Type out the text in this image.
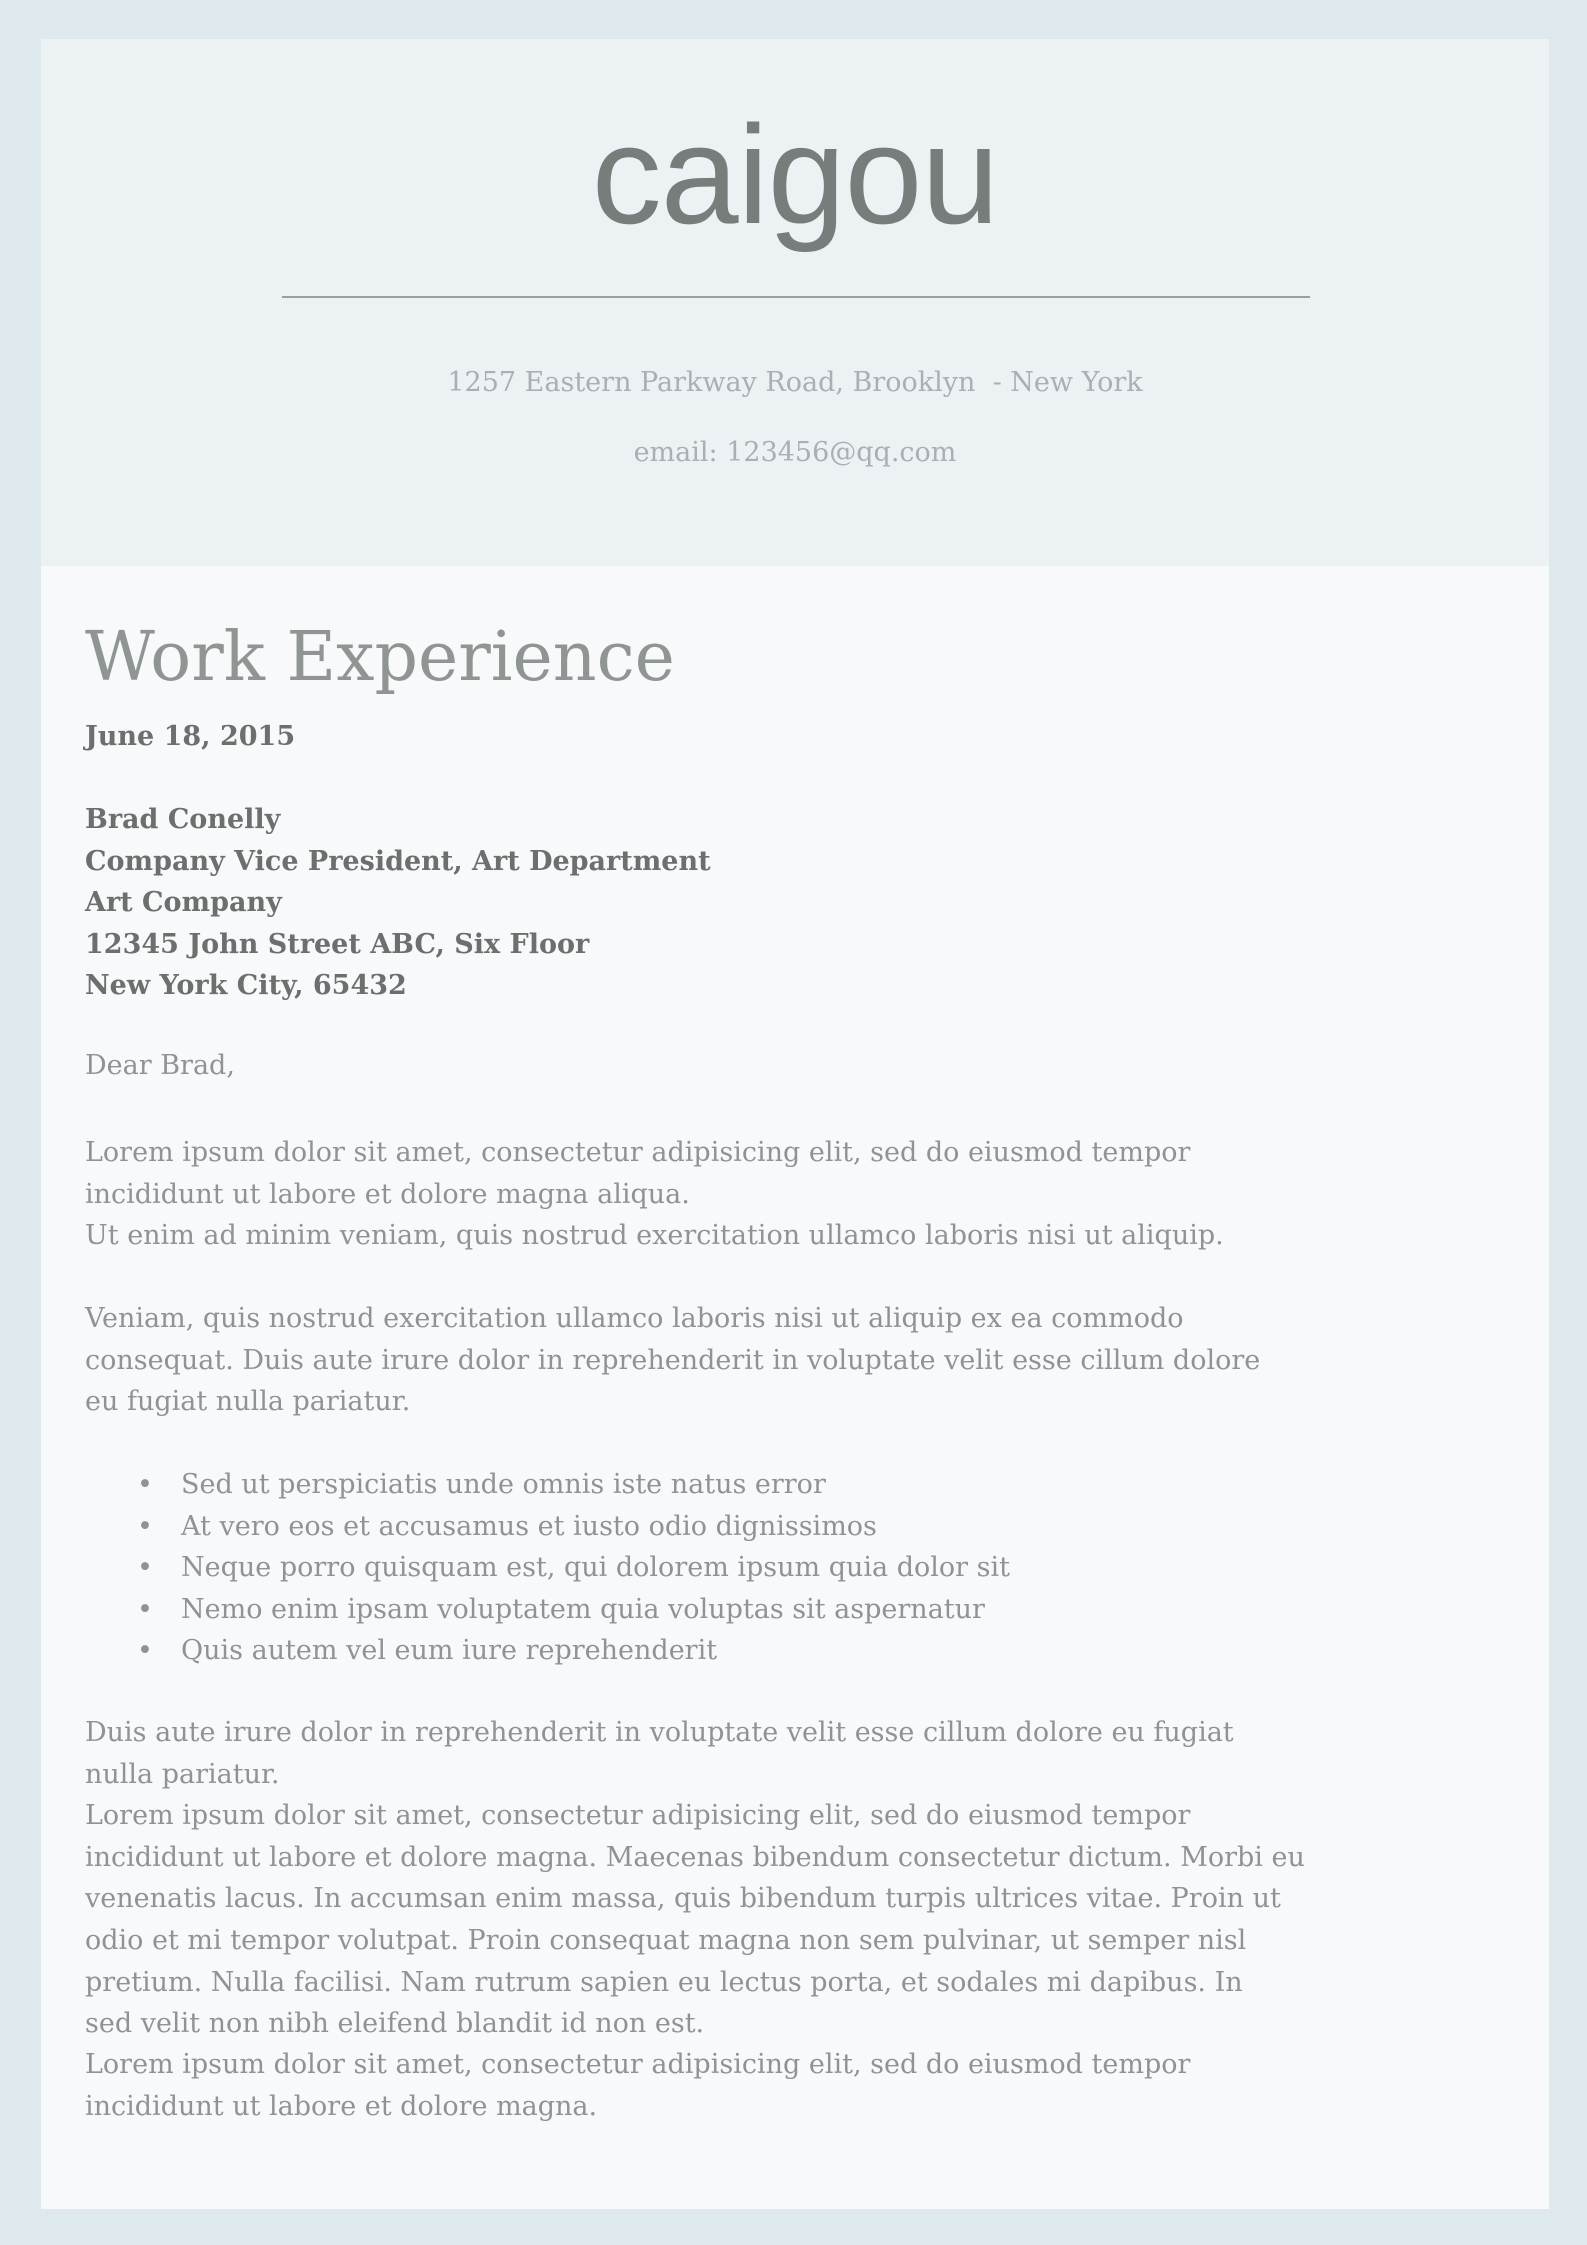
caigou
1257 Eastern Parkway Road, Brooklyn  - New York
email: 123456@qq.com
Work Experience
June 18, 2015
Brad Conelly
Company Vice President, Art Department
Art Company
12345 John Street ABC, Six Floor
New York City, 65432
Dear Brad,
Lorem ipsum dolor sit amet, consectetur adipisicing elit, sed do eiusmod tempor
incididunt ut labore et dolore magna aliqua.
Ut enim ad minim veniam, quis nostrud exercitation ullamco laboris nisi ut aliquip.
Veniam, quis nostrud exercitation ullamco laboris nisi ut aliquip ex ea commodo
consequat. Duis aute irure dolor in reprehenderit in voluptate velit esse cillum dolore
eu fugiat nulla pariatur.
• Sed ut perspiciatis unde omnis iste natus error
• At vero eos et accusamus et iusto odio dignissimos
• Neque porro quisquam est, qui dolorem ipsum quia dolor sit
• Nemo enim ipsam voluptatem quia voluptas sit aspernatur
• Quis autem vel eum iure reprehenderit
Duis aute irure dolor in reprehenderit in voluptate velit esse cillum dolore eu fugiat
nulla pariatur.
Lorem ipsum dolor sit amet, consectetur adipisicing elit, sed do eiusmod tempor
incididunt ut labore et dolore magna. Maecenas bibendum consectetur dictum. Morbi eu
venenatis lacus. In accumsan enim massa, quis bibendum turpis ultrices vitae. Proin ut
odio et mi tempor volutpat. Proin consequat magna non sem pulvinar, ut semper nisl
pretium. Nulla facilisi. Nam rutrum sapien eu lectus porta, et sodales mi dapibus. In
sed velit non nibh eleifend blandit id non est.
Lorem ipsum dolor sit amet, consectetur adipisicing elit, sed do eiusmod tempor
incididunt ut labore et dolore magna.
